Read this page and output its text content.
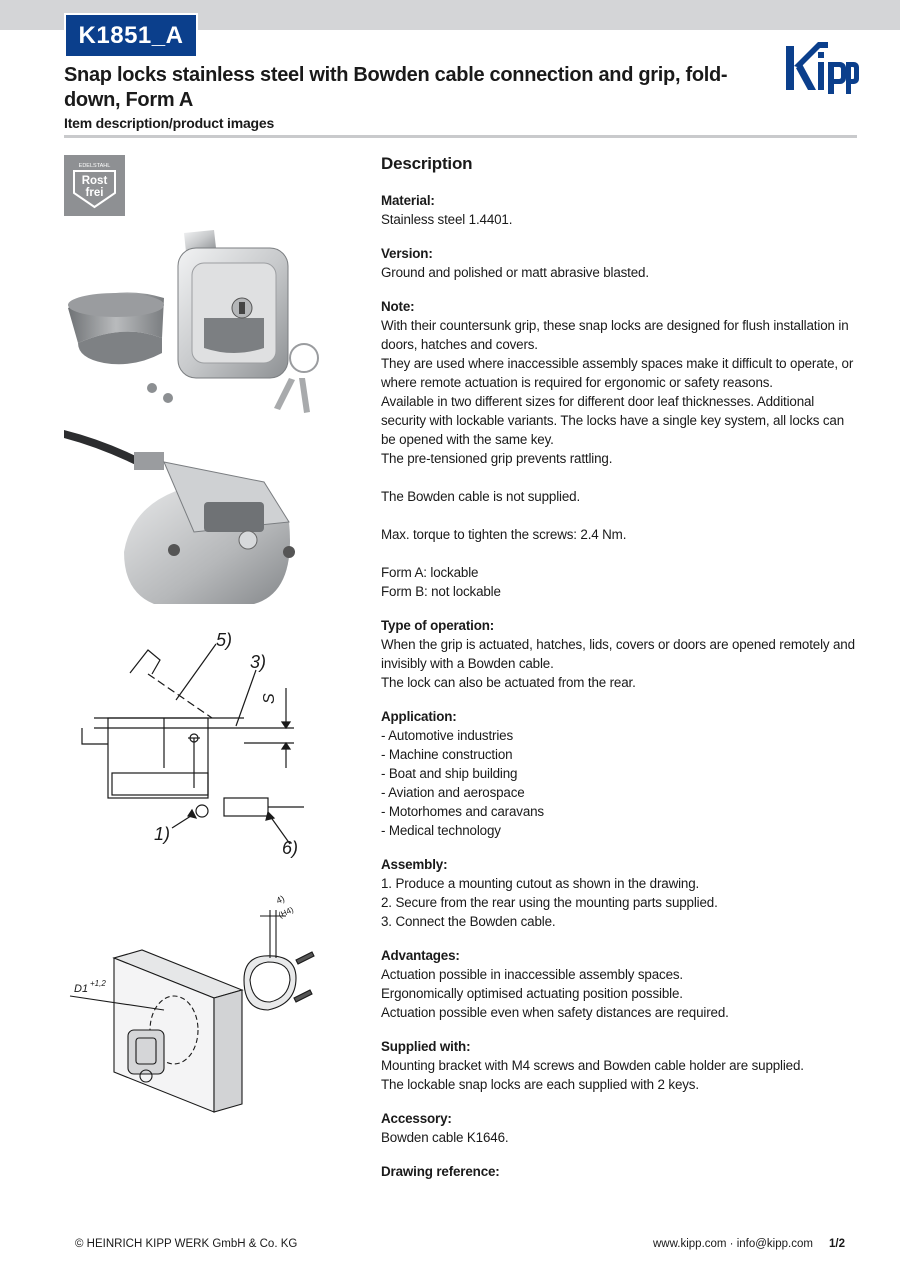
K1851_A
Snap locks stainless steel with Bowden cable connection and grip, fold-down, Form A
Item description/product images
EDELSTAHL
Rost
frei
5)
3)
S
1)
6)
4)
(H4)
D1 +1,2
Description
Material:
Stainless steel 1.4401.
Version:
Ground and polished or matt abrasive blasted.
Note:
With their countersunk grip, these snap locks are designed for flush installation in doors, hatches and covers.
They are used where inaccessible assembly spaces make it difficult to operate, or where remote actuation is required for ergonomic or safety reasons.
Available in two different sizes for different door leaf thicknesses. Additional security with lockable variants. The locks have a single key system, all locks can be opened with the same key.
The pre-tensioned grip prevents rattling.
The Bowden cable is not supplied.
Max. torque to tighten the screws: 2.4 Nm.
Form A: lockable
Form B: not lockable
Type of operation:
When the grip is actuated, hatches, lids, covers or doors are opened remotely and invisibly with a Bowden cable.
The lock can also be actuated from the rear.
Application:
- Automotive industries
- Machine construction
- Boat and ship building
- Aviation and aerospace
- Motorhomes and caravans
- Medical technology
Assembly:
1. Produce a mounting cutout as shown in the drawing.
2. Secure from the rear using the mounting parts supplied.
3. Connect the Bowden cable.
Advantages:
Actuation possible in inaccessible assembly spaces.
Ergonomically optimised actuating position possible.
Actuation possible even when safety distances are required.
Supplied with:
Mounting bracket with M4 screws and Bowden cable holder are supplied.
The lockable snap locks are each supplied with 2 keys.
Accessory:
Bowden cable K1646.
Drawing reference:
© HEINRICH KIPP WERK GmbH & Co. KG	www.kipp.com · info@kipp.com 1/2
